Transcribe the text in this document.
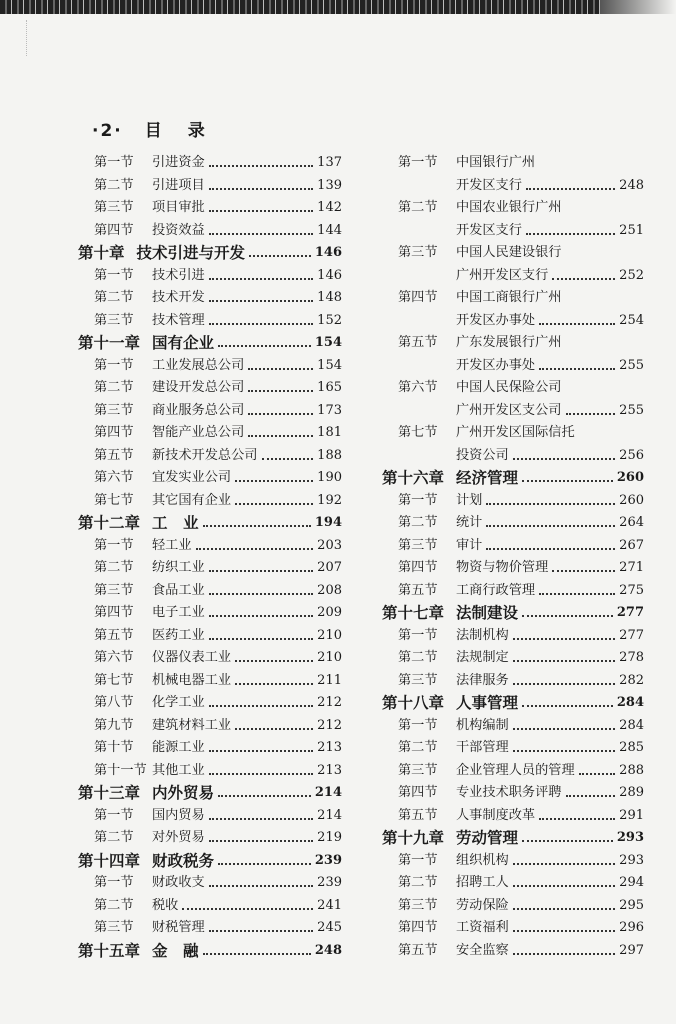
·2· 目录
第一节	引进资金	137
第二节	引进项目	139
第三节	项目审批	142
第四节	投资效益	144
第十章 技术引进与开发	146
第一节	技术引进	146
第二节	技术开发	148
第三节	技术管理	152
第十一章 国有企业	154
第一节	工业发展总公司	154
第二节	建设开发总公司	165
第三节	商业服务总公司	173
第四节	智能产业总公司	181
第五节	新技术开发总公司	188
第六节	宜发实业公司	190
第七节	其它国有企业	192
第十二章 工　业	194
第一节	轻工业	203
第二节	纺织工业	207
第三节	食品工业	208
第四节	电子工业	209
第五节	医药工业	210
第六节	仪器仪表工业	210
第七节	机械电器工业	211
第八节	化学工业	212
第九节	建筑材料工业	212
第十节	能源工业	213
第十一节 其他工业	213
第十三章 内外贸易	214
第一节	国内贸易	214
第二节	对外贸易	219
第十四章 财政税务	239
第一节	财政收支	239
第二节	税收	241
第三节	财税管理	245
第十五章 金　融	248
第一节	中国银行广州
开发区支行	248
第二节	中国农业银行广州
开发区支行	251
第三节	中国人民建设银行
广州开发区支行	252
第四节	中国工商银行广州
开发区办事处	254
第五节	广东发展银行广州
开发区办事处	255
第六节	中国人民保险公司
广州开发区支公司	255
第七节	广州开发区国际信托
投资公司	256
第十六章 经济管理	260
第一节	计划	260
第二节	统计	264
第三节	审计	267
第四节	物资与物价管理	271
第五节	工商行政管理	275
第十七章 法制建设	277
第一节	法制机构	277
第二节	法规制定	278
第三节	法律服务	282
第十八章 人事管理	284
第一节	机构编制	284
第二节	干部管理	285
第三节	企业管理人员的管理	288
第四节	专业技术职务评聘	289
第五节	人事制度改革	291
第十九章 劳动管理	293
第一节	组织机构	293
第二节	招聘工人	294
第三节	劳动保险	295
第四节	工资福利	296
第五节	安全监察	297
